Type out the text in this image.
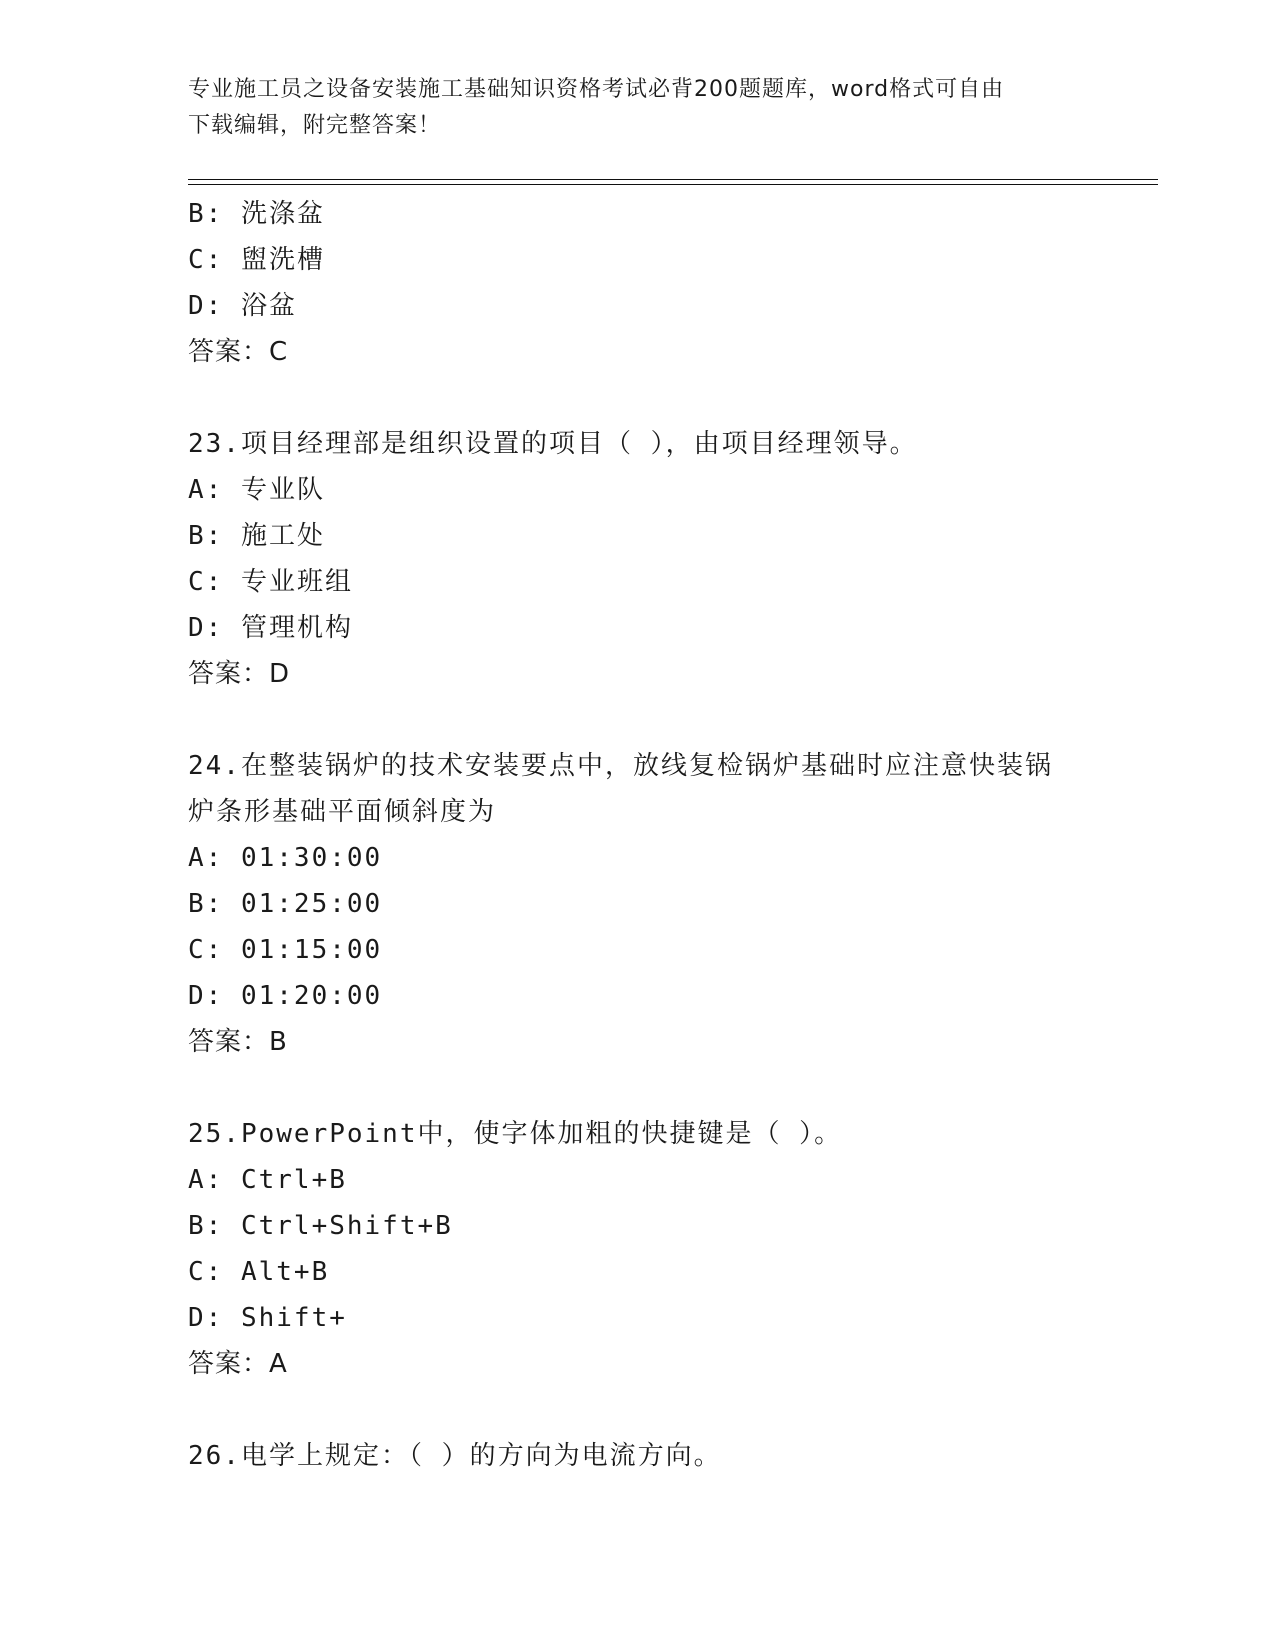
专业施工员之设备安装施工基础知识资格考试必背200题题库，word格式可自由
下载编辑，附完整答案！
B: 洗涤盆
C: 盥洗槽
D: 浴盆
答案：C
23.项目经理部是组织设置的项目（ ），由项目经理领导。
A: 专业队
B: 施工处
C: 专业班组
D: 管理机构
答案：D
24.在整装锅炉的技术安装要点中，放线复检锅炉基础时应注意快装锅
炉条形基础平面倾斜度为
A: 01:30:00
B: 01:25:00
C: 01:15:00
D: 01:20:00
答案：B
25.PowerPoint中，使字体加粗的快捷键是（ ）。
A: Ctrl+B
B: Ctrl+Shift+B
C: Alt+B
D: Shift+
答案：A
26.电学上规定：（ ）的方向为电流方向。
